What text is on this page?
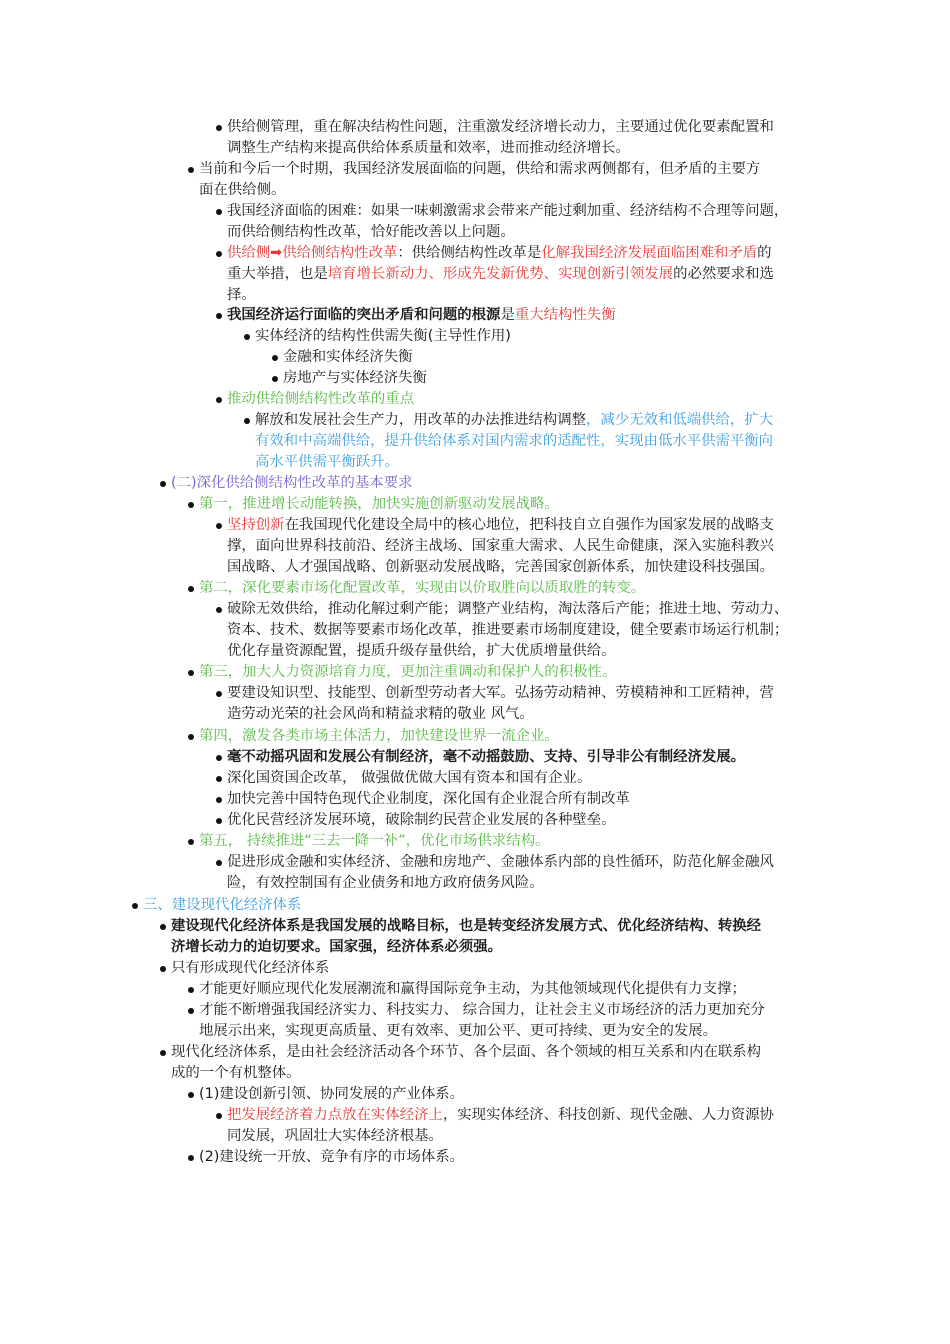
供给侧管理，重在解决结构性问题，注重激发经济增长动力，主要通过优化要素配置和
调整生产结构来提高供给体系质量和效率，进而推动经济增长。
当前和今后一个时期，我国经济发展面临的问题，供给和需求两侧都有，但矛盾的主要方
面在供给侧。
我国经济面临的困难：如果一味刺激需求会带来产能过剩加重、经济结构不合理等问题，
而供给侧结构性改革，恰好能改善以上问题。
供给侧➡供给侧结构性改革：供给侧结构性改革是化解我国经济发展面临困难和矛盾的
重大举措，也是培育增长新动力、形成先发新优势、实现创新引领发展的必然要求和选
择。
我国经济运行面临的突出矛盾和问题的根源是重大结构性失衡
实体经济的结构性供需失衡(主导性作用)
金融和实体经济失衡
房地产与实体经济失衡
推动供给侧结构性改革的重点
解放和发展社会生产力，用改革的办法推进结构调整，减少无效和低端供给，扩大
有效和中高端供给，提升供给体系对国内需求的适配性，实现由低水平供需平衡向
高水平供需平衡跃升。
(二)深化供给侧结构性改革的基本要求
第一，推进增长动能转换，加快实施创新驱动发展战略。
坚持创新在我国现代化建设全局中的核心地位，把科技自立自强作为国家发展的战略支
撑，面向世界科技前沿、经济主战场、国家重大需求、人民生命健康，深入实施科教兴
国战略、人才强国战略、创新驱动发展战略，完善国家创新体系，加快建设科技强国。
第二，深化要素市场化配置改革，实现由以价取胜向以质取胜的转变。
破除无效供给，推动化解过剩产能；调整产业结构，淘汰落后产能；推进土地、劳动力、
资本、技术、数据等要素市场化改革，推进要素市场制度建设，健全要素市场运行机制；
优化存量资源配置，提质升级存量供给，扩大优质增量供给。
第三，加大人力资源培育力度，更加注重调动和保护人的积极性。
要建设知识型、技能型、创新型劳动者大军。弘扬劳动精神、劳模精神和工匠精神，营
造劳动光荣的社会风尚和精益求精的敬业 风气。
第四，激发各类市场主体活力，加快建设世界一流企业。
毫不动摇巩固和发展公有制经济，毫不动摇鼓励、支持、引导非公有制经济发展。
深化国资国企改革， 做强做优做大国有资本和国有企业。
加快完善中国特色现代企业制度，深化国有企业混合所有制改革
优化民营经济发展环境，破除制约民营企业发展的各种壁垒。
第五， 持续推进“三去一降一补”，优化市场供求结构。
促进形成金融和实体经济、金融和房地产、金融体系内部的良性循环，防范化解金融风
险，有效控制国有企业债务和地方政府债务风险。
三、建设现代化经济体系
建设现代化经济体系是我国发展的战略目标，也是转变经济发展方式、优化经济结构、转换经
济增长动力的迫切要求。国家强，经济体系必须强。
只有形成现代化经济体系
才能更好顺应现代化发展潮流和赢得国际竞争主动，为其他领域现代化提供有力支撑；
才能不断增强我国经济实力、科技实力、 综合国力，让社会主义市场经济的活力更加充分
地展示出来，实现更高质量、更有效率、更加公平、更可持续、更为安全的发展。
现代化经济体系，是由社会经济活动各个环节、各个层面、各个领域的相互关系和内在联系构
成的一个有机整体。
(1)建设创新引领、协同发展的产业体系。
把发展经济着力点放在实体经济上，实现实体经济、科技创新、现代金融、人力资源协
同发展，巩固壮大实体经济根基。
(2)建设统一开放、竞争有序的市场体系。
